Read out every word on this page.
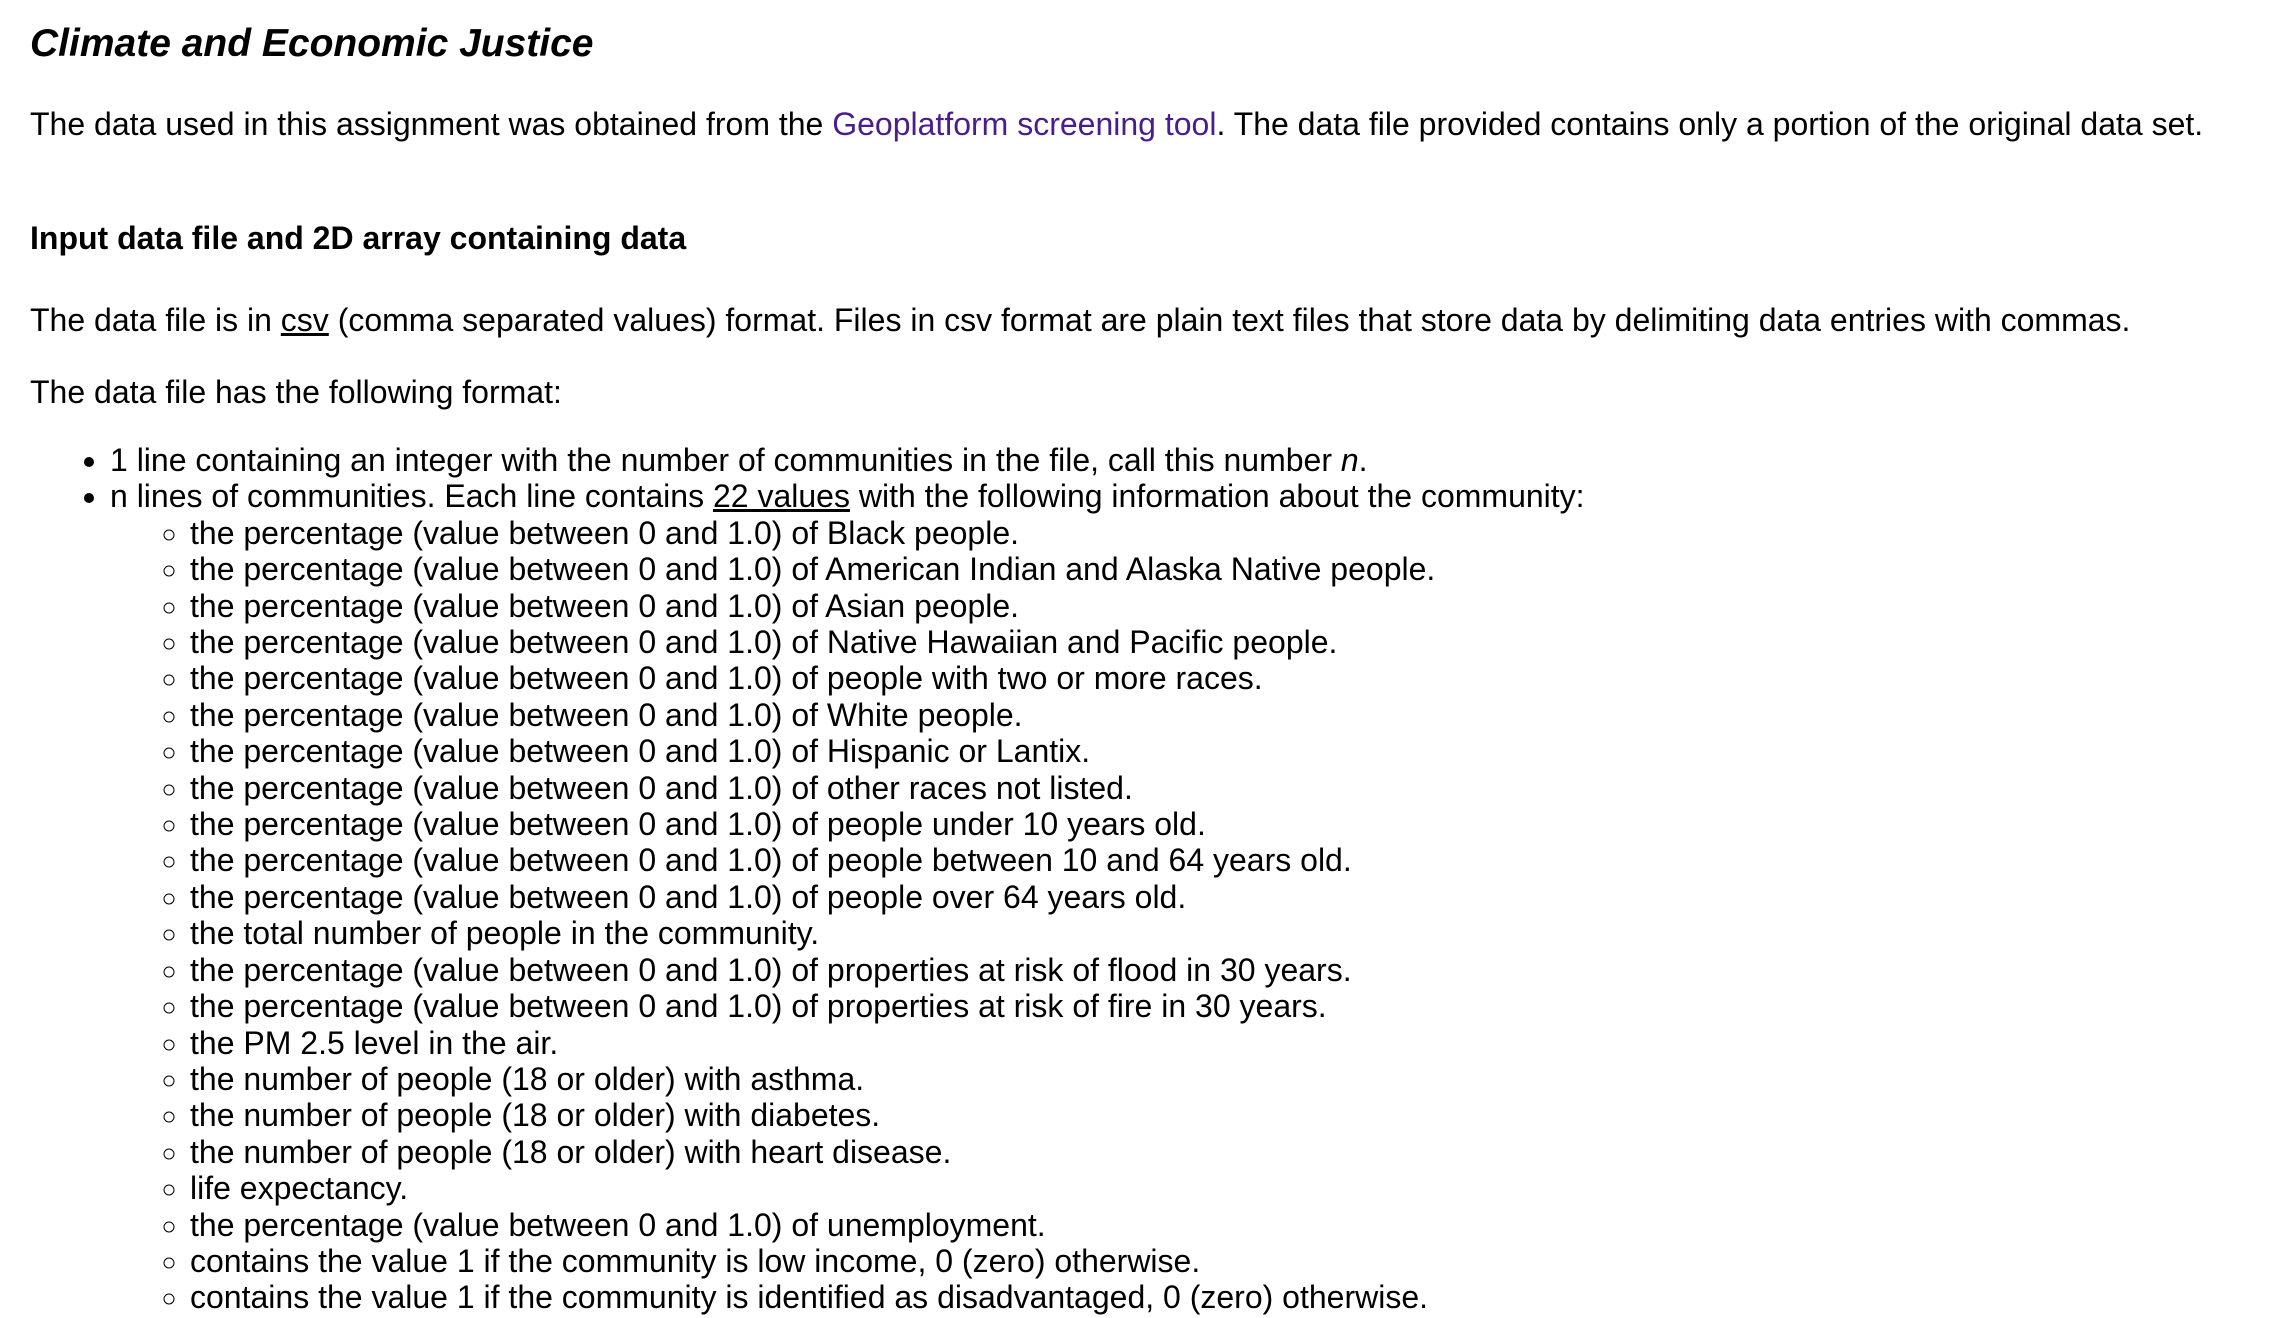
Climate and Economic Justice

The data used in this assignment was obtained from the Geoplatform screening tool. The data file provided contains only a portion of the original data set.

Input data file and 2D array containing data

The data file is in csv (comma separated values) format. Files in csv format are plain text files that store data by delimiting data entries with commas.

The data file has the following format:

• 1 line containing an integer with the number of communities in the file, call this number n.
• n lines of communities. Each line contains 22 values with the following information about the community:
◦ the percentage (value between 0 and 1.0) of Black people.
◦ the percentage (value between 0 and 1.0) of American Indian and Alaska Native people.
◦ the percentage (value between 0 and 1.0) of Asian people.
◦ the percentage (value between 0 and 1.0) of Native Hawaiian and Pacific people.
◦ the percentage (value between 0 and 1.0) of people with two or more races.
◦ the percentage (value between 0 and 1.0) of White people.
◦ the percentage (value between 0 and 1.0) of Hispanic or Lantix.
◦ the percentage (value between 0 and 1.0) of other races not listed.
◦ the percentage (value between 0 and 1.0) of people under 10 years old.
◦ the percentage (value between 0 and 1.0) of people between 10 and 64 years old.
◦ the percentage (value between 0 and 1.0) of people over 64 years old.
◦ the total number of people in the community.
◦ the percentage (value between 0 and 1.0) of properties at risk of flood in 30 years.
◦ the percentage (value between 0 and 1.0) of properties at risk of fire in 30 years.
◦ the PM 2.5 level in the air.
◦ the number of people (18 or older) with asthma.
◦ the number of people (18 or older) with diabetes.
◦ the number of people (18 or older) with heart disease.
◦ life expectancy.
◦ the percentage (value between 0 and 1.0) of unemployment.
◦ contains the value 1 if the community is low income, 0 (zero) otherwise.
◦ contains the value 1 if the community is identified as disadvantaged, 0 (zero) otherwise.
